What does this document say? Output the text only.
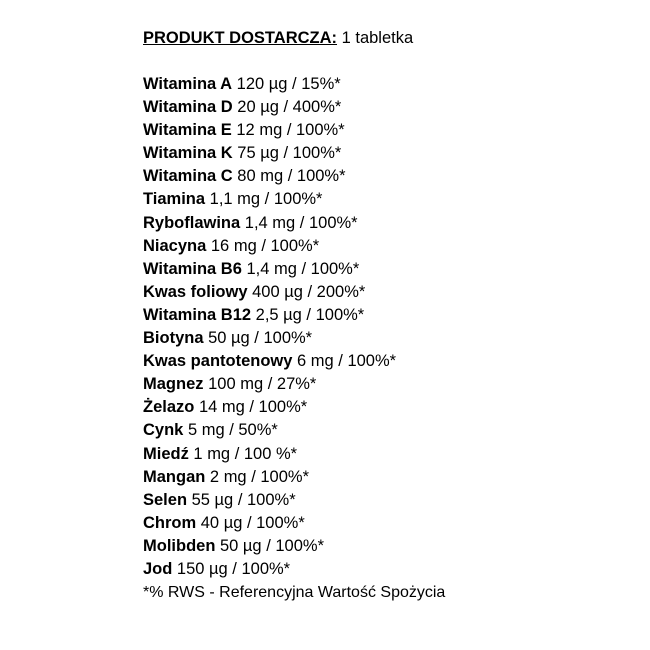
PRODUKT DOSTARCZA: 1 tabletka
Witamina A 120 µg / 15%*
Witamina D 20 µg / 400%*
Witamina E 12 mg / 100%*
Witamina K 75 µg / 100%*
Witamina C 80 mg / 100%*
Tiamina 1,1 mg / 100%*
Ryboflawina 1,4 mg / 100%*
Niacyna 16 mg / 100%*
Witamina B6 1,4 mg / 100%*
Kwas foliowy 400 µg / 200%*
Witamina B12 2,5 µg / 100%*
Biotyna 50 µg / 100%*
Kwas pantotenowy 6 mg / 100%*
Magnez 100 mg / 27%*
Żelazo 14 mg / 100%*
Cynk 5 mg / 50%*
Miedź 1 mg / 100 %*
Mangan 2 mg / 100%*
Selen 55 µg / 100%*
Chrom 40 µg / 100%*
Molibden 50 µg / 100%*
Jod 150 µg / 100%*
*% RWS - Referencyjna Wartość Spożycia
